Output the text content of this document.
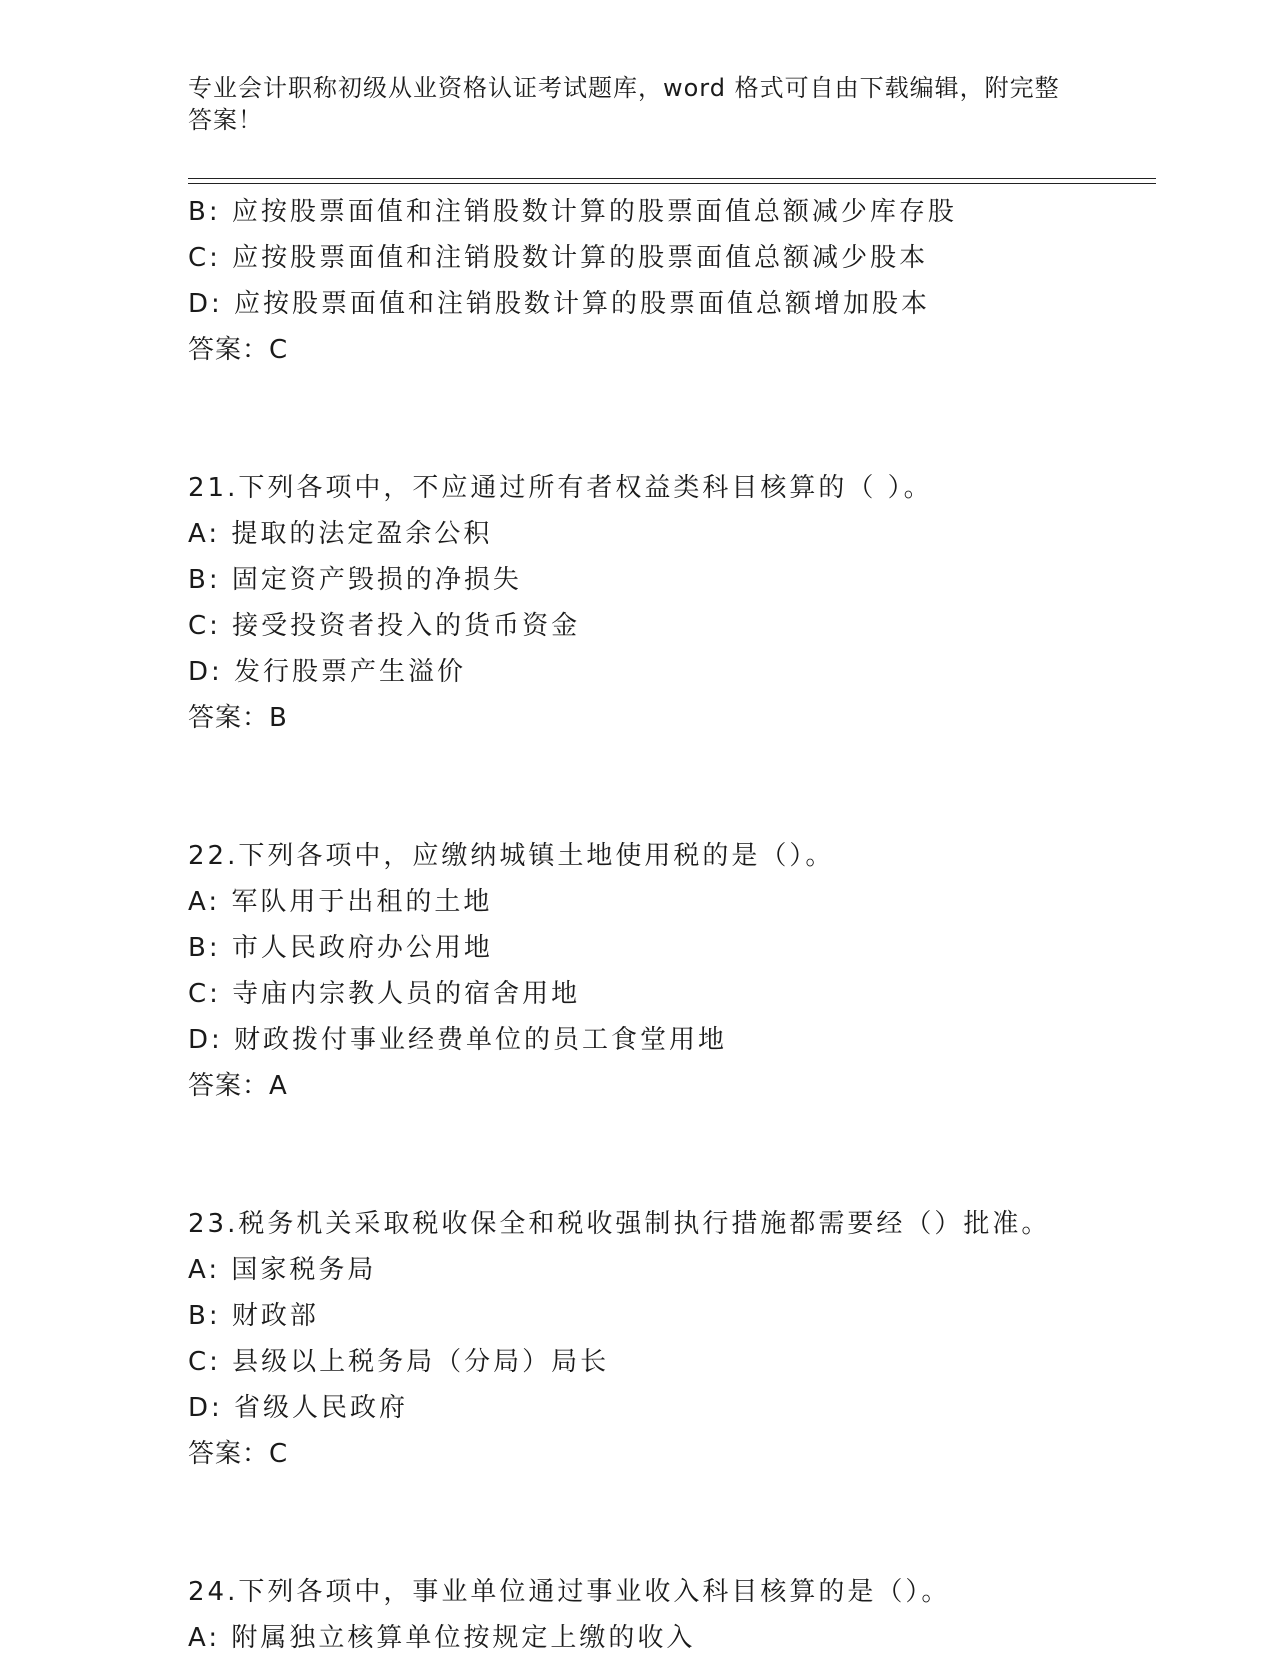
专业会计职称初级从业资格认证考试题库，word 格式可自由下载编辑，附完整答案！
B: 应按股票面值和注销股数计算的股票面值总额减少库存股
C: 应按股票面值和注销股数计算的股票面值总额减少股本
D: 应按股票面值和注销股数计算的股票面值总额增加股本
答案：C
21.下列各项中，不应通过所有者权益类科目核算的（ ）。
A: 提取的法定盈余公积
B: 固定资产毁损的净损失
C: 接受投资者投入的货币资金
D: 发行股票产生溢价
答案：B
22.下列各项中，应缴纳城镇土地使用税的是（）。
A: 军队用于出租的土地
B: 市人民政府办公用地
C: 寺庙内宗教人员的宿舍用地
D: 财政拨付事业经费单位的员工食堂用地
答案：A
23.税务机关采取税收保全和税收强制执行措施都需要经（）批准。
A: 国家税务局
B: 财政部
C: 县级以上税务局（分局）局长
D: 省级人民政府
答案：C
24.下列各项中，事业单位通过事业收入科目核算的是（）。
A: 附属独立核算单位按规定上缴的收入
